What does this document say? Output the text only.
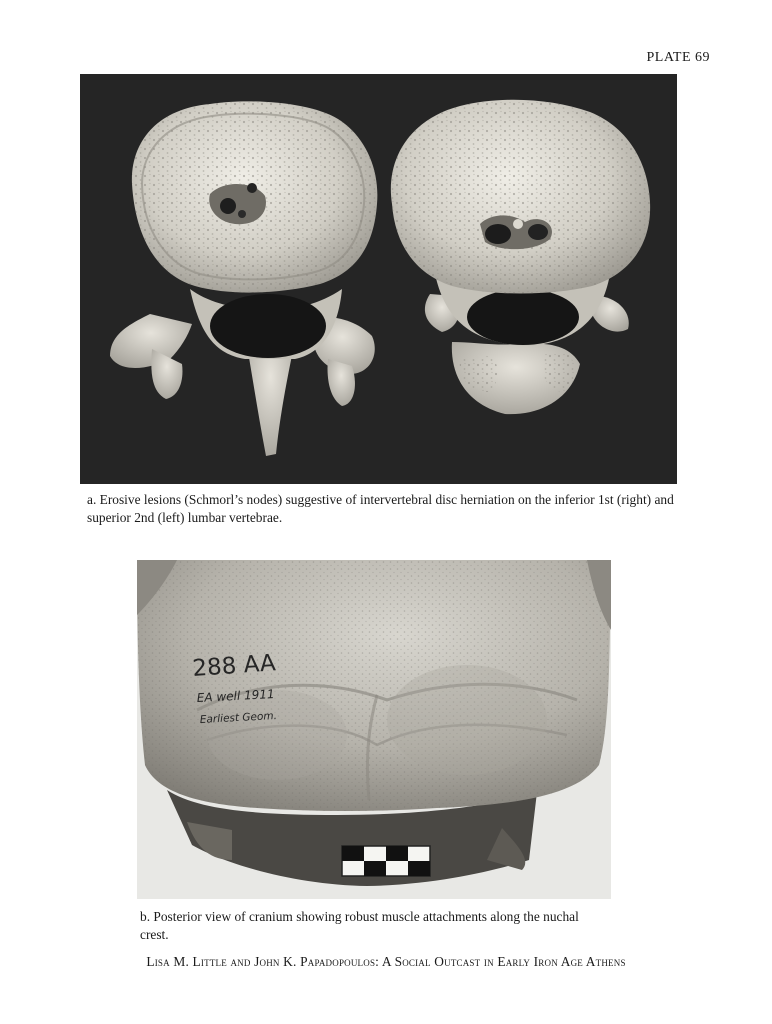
PLATE 69
a. Erosive lesions (Schmorl’s nodes) suggestive of intervertebral disc herniation on the inferior 1st (right) and superior 2nd (left) lumbar vertebrae.
288 AA
EA well 1911
Earliest Geom.
b. Posterior view of cranium showing robust muscle attachments along the nuchal crest.
Lisa M. Little and John K. Papadopoulos: A Social Outcast in Early Iron Age Athens
